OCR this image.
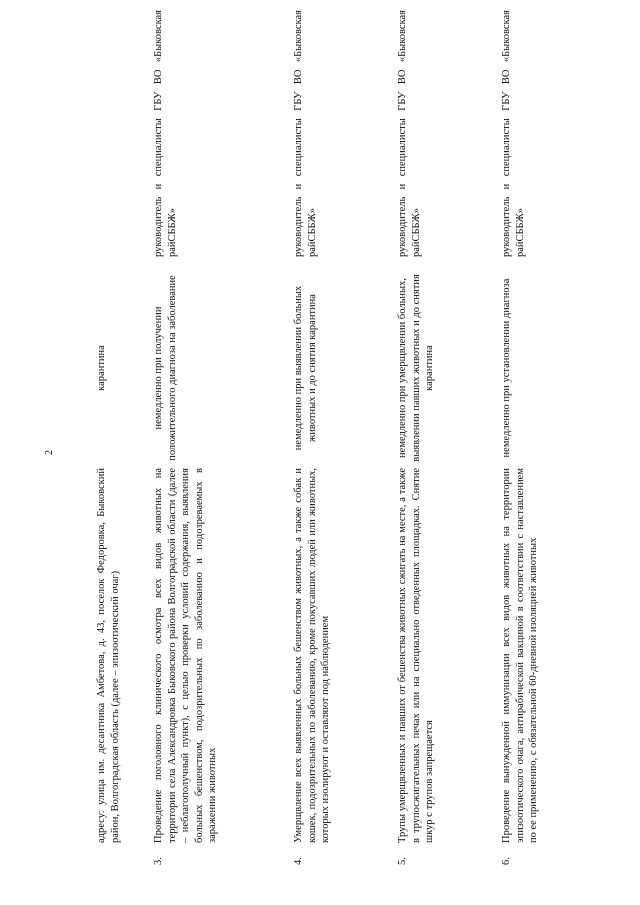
2
адресу: улица им. десантника Амбетова, д. 43, поселок Федоровка, Быковский район, Волгоградская область (далее – эпизоотический очаг)
карантина
3.
Проведение поголовного клинического осмотра всех видов животных на территории села Александровка Быковского района Волгоградской области (далее – неблагополучный пункт), с целью проверки условий содержания, выявления больных бешенством, подозрительных по заболеванию и подозреваемых в заражении животных
немедленно при получении положительного диагноза на заболевание
руководитель и специалисты ГБУ ВО «Быковская райСББЖ»
4.
Умерщвление всех выявленных больных бешенством животных, а также собак и кошек, подозрительных по заболеванию, кроме покусавших людей или животных, которых изолируют и оставляют под наблюдением
немедленно при выявлении больных животных и до снятия карантина
руководитель и специалисты ГБУ ВО «Быковская райСББЖ»
5.
Трупы умерщвленных и павших от бешенства животных сжигать на месте, а также в трупосжигательных печах или на специально отведенных площадках. Снятие шкур с трупов запрещается
немедленно при умерщвлении больных, выявлении павших животных и до снятия карантина
руководитель и специалисты ГБУ ВО «Быковская райСББЖ»
6.
Проведение вынужденной иммунизации всех видов животных на территории эпизоотического очага, антирабической вакциной в соответствии с наставлением по ее применению, с обязательной 60-дневной изоляцией животных
немедленно при установлении диагноза
руководитель и специалисты ГБУ ВО «Быковская райСББЖ»
